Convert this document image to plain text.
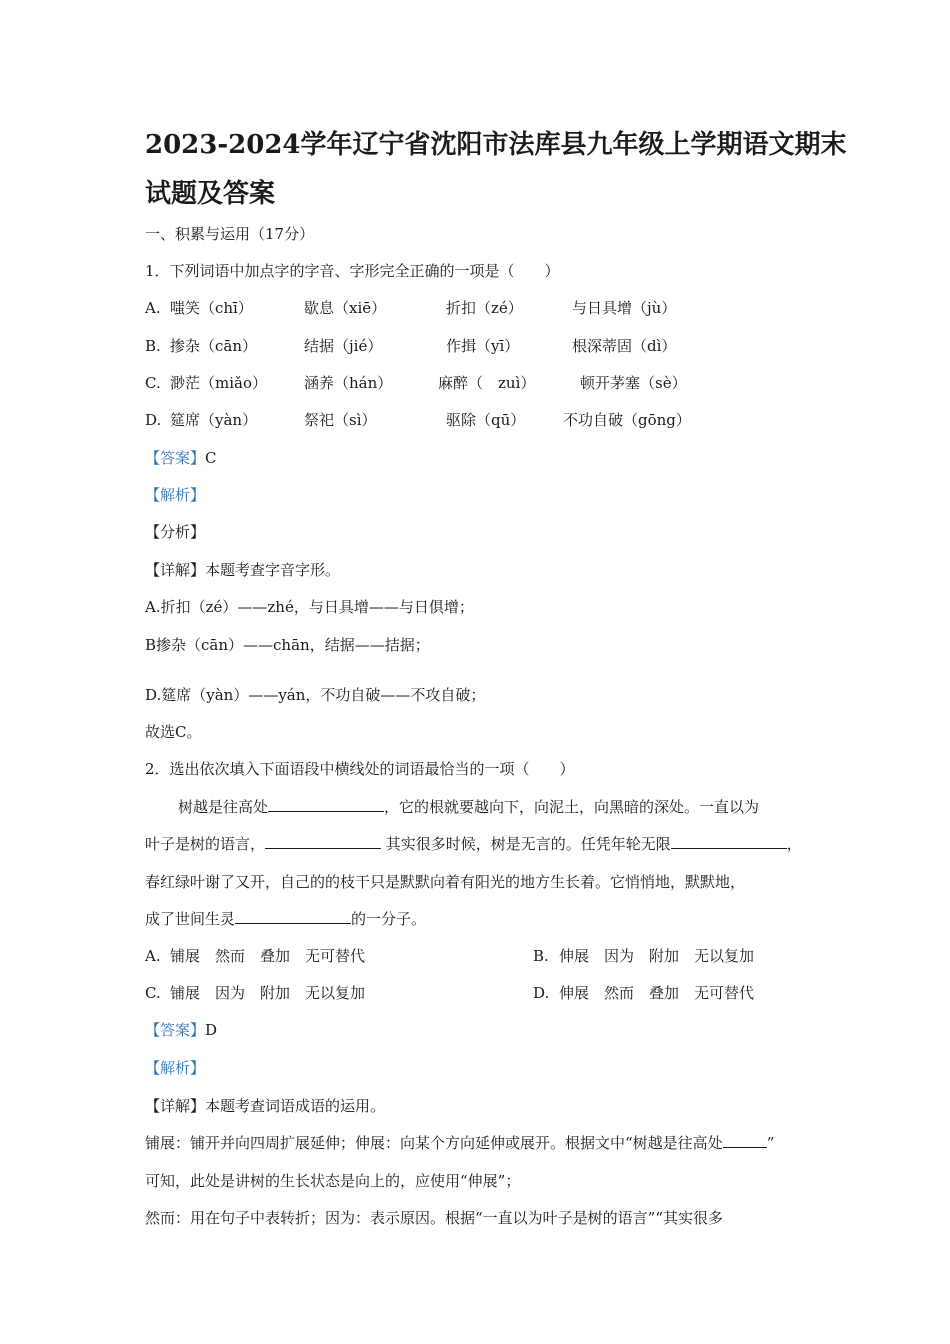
2023-2024学年辽宁省沈阳市法库县九年级上学期语文期末
试题及答案
一、积累与运用（17分）
1．下列词语中加点字的字音、字形完全正确的一项是（　　）
A. 嗤笑（chī）	歇息（xiē）	折扣（zé）	与日具增（jù）
B. 掺杂（cān）	结据（jié）	作揖（yī）	根深蒂固（dì）
C. 渺茫（miǎo） 涵养（hán）	麻醉（　zuì）	顿开茅塞（sè）
D. 筵席（yàn）	祭祀（sì）	驱除（qū）	不功自破（gōng）
【答案】C
【解析】
【分析】
【详解】本题考查字音字形。
A.折扣（zé）——zhé，与日具增——与日俱增；
B掺杂（cān）——chān，结据——拮据；
D.筵席（yàn）——yán，不功自破——不攻自破；
故选C。
2．选出依次填入下面语段中横线处的词语最恰当的一项（　　）
树越是往高处	，它的根就要越向下，向泥土，向黑暗的深处。一直以为
叶子是树的语言，	其实很多时候，树是无言的。任凭年轮无限	，
春红绿叶谢了又开，自己的的枝干只是默默向着有阳光的地方生长着。它悄悄地，默默地，
成了世间生灵	的一分子。
A. 铺展　然而　叠加　无可替代	B. 伸展　因为　附加　无以复加
C. 铺展　因为　附加　无以复加	D. 伸展　然而　叠加　无可替代
【答案】D
【解析】
【详解】本题考查词语成语的运用。
铺展：铺开并向四周扩展延伸；伸展：向某个方向延伸或展开。根据文中“树越是往高处	”
可知，此处是讲树的生长状态是向上的，应使用“伸展”；
然而：用在句子中表转折；因为：表示原因。根据“一直以为叶子是树的语言”“其实很多
